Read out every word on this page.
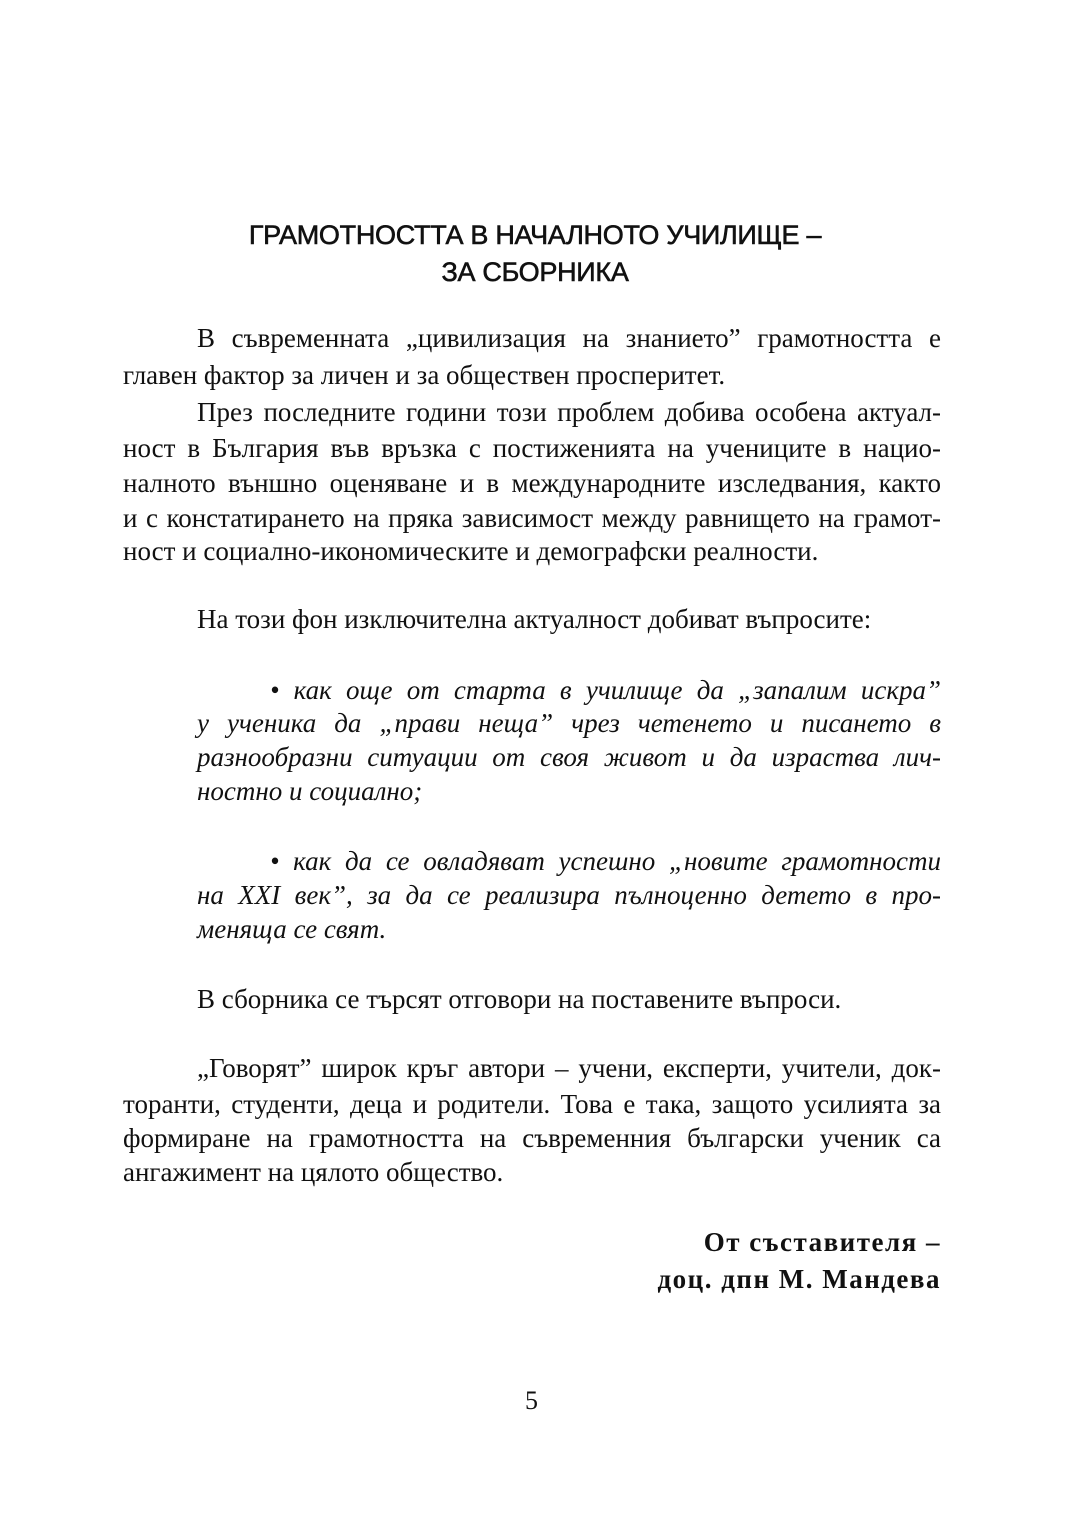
ГРАМОТНОСТТА В НАЧАЛНОТО УЧИЛИЩЕ –
ЗА СБОРНИКА
В съвременната „цивилизация на знанието” грамотността е
главен фактор за личен и за обществен просперитет.
През последните години този проблем добива особена актуал-
ност в България във връзка с постиженията на учениците в нацио-
налното външно оценяване и в международните изследвания, както
и с констатирането на пряка зависимост между равнището на грамот-
ност и социално-икономическите и демографски реалности.
На този фон изключителна актуалност добиват въпросите:
• как още от старта в училище да „запалим искра”
у ученика да „прави неща” чрез четенето и писането в
разнообразни ситуации от своя живот и да израства лич-
ностно и социално;
• как да се овладяват успешно „новите грамотности
на XXI век”, за да се реализира пълноценно детето в про-
меняща се свят.
В сборника се търсят отговори на поставените въпроси.
„Говорят” широк кръг автори – учени, експерти, учители, док-
торанти, студенти, деца и родители. Това е така, защото усилията за
формиране на грамотността на съвременния български ученик са
ангажимент на цялото общество.
От съставителя –
доц. дпн М. Мандева
5
